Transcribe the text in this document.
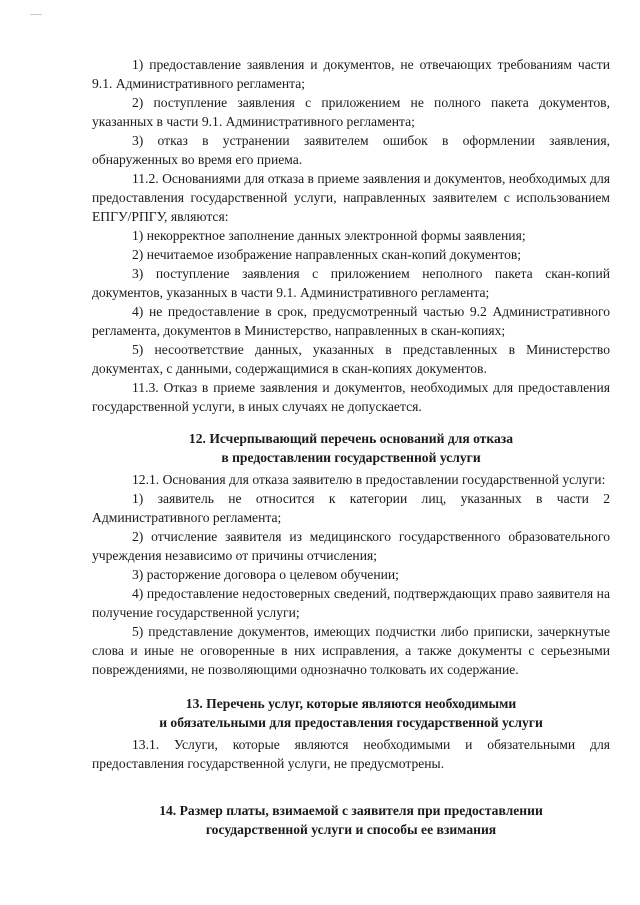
1) предоставление заявления и документов, не отвечающих требованиям части 9.1. Административного регламента;

2) поступление заявления с приложением не полного пакета документов, указанных в части 9.1. Административного регламента;

3) отказ в устранении заявителем ошибок в оформлении заявления, обнаруженных во время его приема.

11.2. Основаниями для отказа в приеме заявления и документов, необходимых для предоставления государственной услуги, направленных заявителем с использованием ЕПГУ/РПГУ, являются:

1) некорректное заполнение данных электронной формы заявления;

2) нечитаемое изображение направленных скан-копий документов;

3) поступление заявления с приложением неполного пакета скан-копий документов, указанных в части 9.1. Административного регламента;

4) не предоставление в срок, предусмотренный частью 9.2 Административного регламента, документов в Министерство, направленных в скан-копиях;

5) несоответствие данных, указанных в представленных в Министерство документах, с данными, содержащимися в скан-копиях документов.

11.3. Отказ в приеме заявления и документов, необходимых для предоставления государственной услуги, в иных случаях не допускается.

12. Исчерпывающий перечень оснований для отказа
в предоставлении государственной услуги

12.1. Основания для отказа заявителю в предоставлении государственной услуги:

1) заявитель не относится к категории лиц, указанных в части 2 Административного регламента;

2) отчисление заявителя из медицинского государственного образовательного учреждения независимо от причины отчисления;

3) расторжение договора о целевом обучении;

4) предоставление недостоверных сведений, подтверждающих право заявителя на получение государственной услуги;

5) представление документов, имеющих подчистки либо приписки, зачеркнутые слова и иные не оговоренные в них исправления, а также документы с серьезными повреждениями, не позволяющими однозначно толковать их содержание.

13. Перечень услуг, которые являются необходимыми
и обязательными для предоставления государственной услуги

13.1. Услуги, которые являются необходимыми и обязательными для предоставления государственной услуги, не предусмотрены.

14. Размер платы, взимаемой с заявителя при предоставлении
государственной услуги и способы ее взимания
